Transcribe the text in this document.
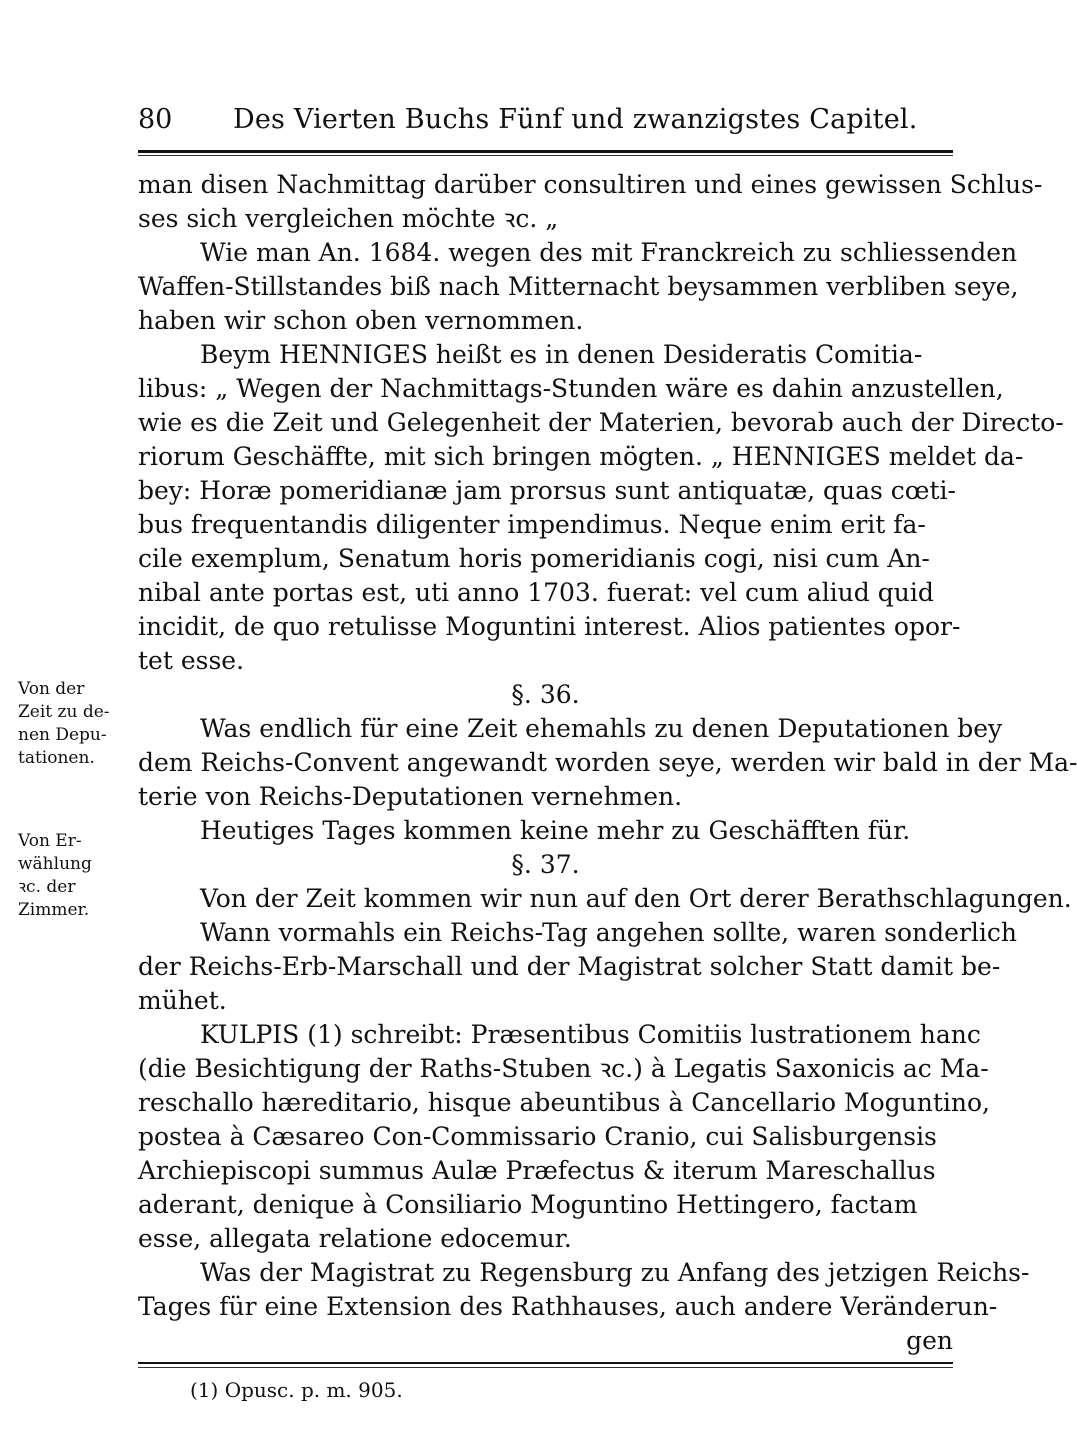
80 Des Vierten Buchs Fünf und zwanzigstes Capitel.
man disen Nachmittag darüber consultiren und eines gewissen Schlus-
ses sich vergleichen möchte ꝛc. „
Wie man An. 1684. wegen des mit Franckreich zu schliessenden
Waffen-Stillstandes biß nach Mitternacht beysammen verbliben seye,
haben wir schon oben vernommen.
Beym HENNIGES heißt es in denen Desideratis Comitia-
libus: „ Wegen der Nachmittags-Stunden wäre es dahin anzustellen,
wie es die Zeit und Gelegenheit der Materien, bevorab auch der Directo-
riorum Geschäffte, mit sich bringen mögten. „ HENNIGES meldet da-
bey: Horæ pomeridianæ jam prorsus sunt antiquatæ, quas cœti-
bus frequentandis diligenter impendimus. Neque enim erit fa-
cile exemplum, Senatum horis pomeridianis cogi, nisi cum An-
nibal ante portas est, uti anno 1703. fuerat: vel cum aliud quid
incidit, de quo retulisse Moguntini interest. Alios patientes opor-
tet esse.
§. 36.
Was endlich für eine Zeit ehemahls zu denen Deputationen bey
dem Reichs-Convent angewandt worden seye, werden wir bald in der Ma-
terie von Reichs-Deputationen vernehmen.
Heutiges Tages kommen keine mehr zu Geschäfften für.
§. 37.
Von der Zeit kommen wir nun auf den Ort derer Berathschlagungen.
Wann vormahls ein Reichs-Tag angehen sollte, waren sonderlich
der Reichs-Erb-Marschall und der Magistrat solcher Statt damit be-
mühet.
KULPIS (1) schreibt: Præsentibus Comitiis lustrationem hanc
(die Besichtigung der Raths-Stuben ꝛc.) à Legatis Saxonicis ac Ma-
reschallo hæreditario, hisque abeuntibus à Cancellario Moguntino,
postea à Cæsareo Con-Commissario Cranio, cui Salisburgensis
Archiepiscopi summus Aulæ Præfectus & iterum Mareschallus
aderant, denique à Consiliario Moguntino Hettingero, factam
esse, allegata relatione edocemur.
Was der Magistrat zu Regensburg zu Anfang des jetzigen Reichs-
Tages für eine Extension des Rathhauses, auch andere Veränderun-
gen
Von der
Zeit zu de-
nen Depu-
tationen.
Von Er-
wählung
ꝛc. der
Zimmer.
(1) Opusc. p. m. 905.
